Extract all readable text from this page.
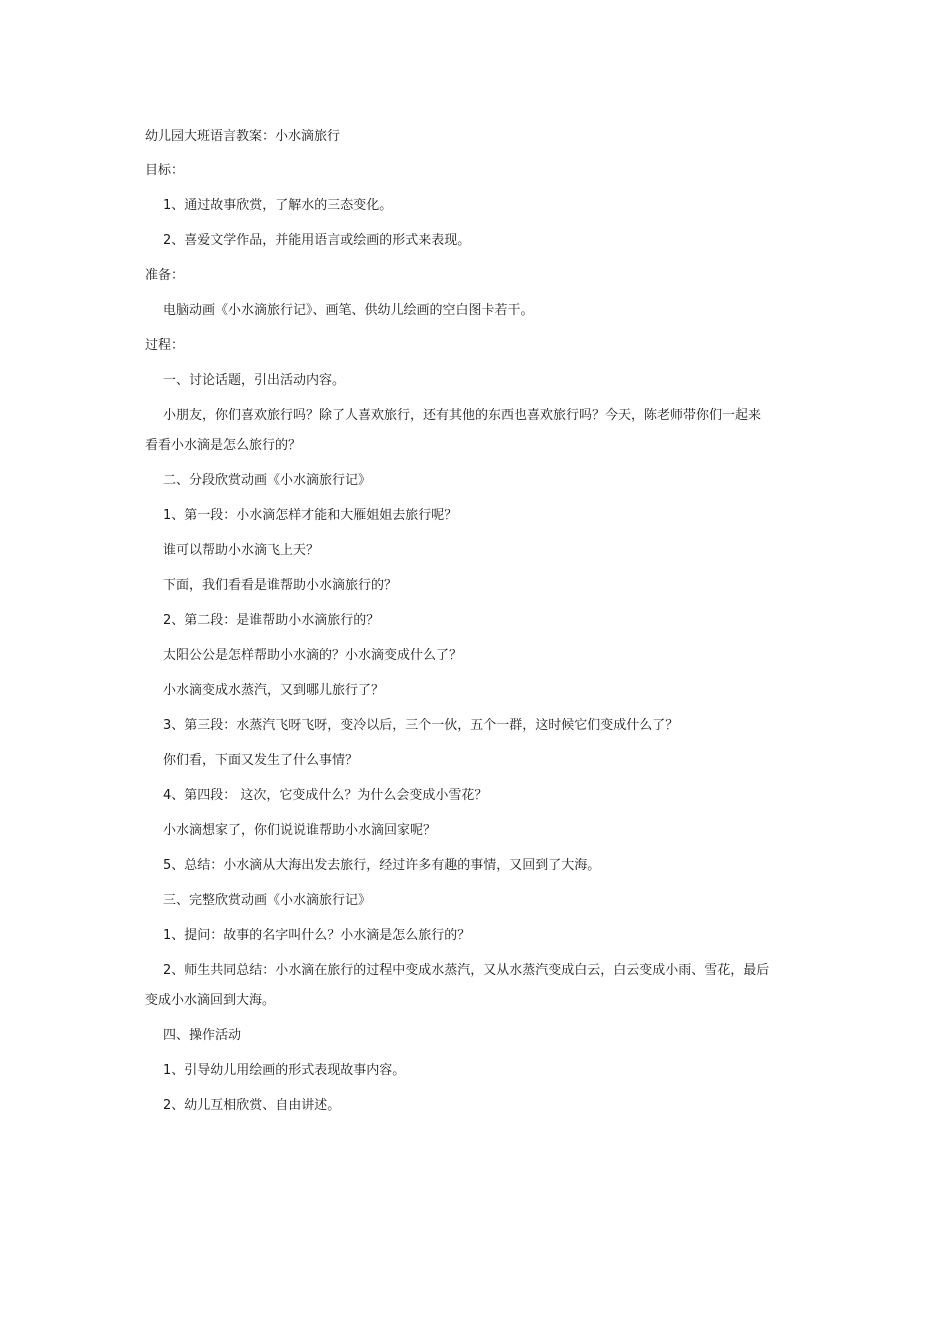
幼儿园大班语言教案：小水滴旅行
目标：
1、通过故事欣赏，了解水的三态变化。
2、喜爱文学作品，并能用语言或绘画的形式来表现。
准备：
电脑动画《小水滴旅行记》、画笔、供幼儿绘画的空白图卡若干。
过程：
一、讨论话题，引出活动内容。
小朋友，你们喜欢旅行吗？除了人喜欢旅行，还有其他的东西也喜欢旅行吗？今天，陈老师带你们一起来
看看小水滴是怎么旅行的？
二、分段欣赏动画《小水滴旅行记》
1、第一段：小水滴怎样才能和大雁姐姐去旅行呢？
谁可以帮助小水滴飞上天？
下面，我们看看是谁帮助小水滴旅行的？
2、第二段：是谁帮助小水滴旅行的？
太阳公公是怎样帮助小水滴的？小水滴变成什么了？
小水滴变成水蒸汽，又到哪儿旅行了？
3、第三段：水蒸汽飞呀飞呀，变冷以后，三个一伙，五个一群，这时候它们变成什么了？
你们看，下面又发生了什么事情？
4、第四段： 这次，它变成什么？为什么会变成小雪花？
小水滴想家了，你们说说谁帮助小水滴回家呢？
5、总结：小水滴从大海出发去旅行，经过许多有趣的事情，又回到了大海。
三、完整欣赏动画《小水滴旅行记》
1、提问：故事的名字叫什么？小水滴是怎么旅行的？
2、师生共同总结：小水滴在旅行的过程中变成水蒸汽，又从水蒸汽变成白云，白云变成小雨、雪花，最后
变成小水滴回到大海。
四、操作活动
1、引导幼儿用绘画的形式表现故事内容。
2、幼儿互相欣赏、自由讲述。
